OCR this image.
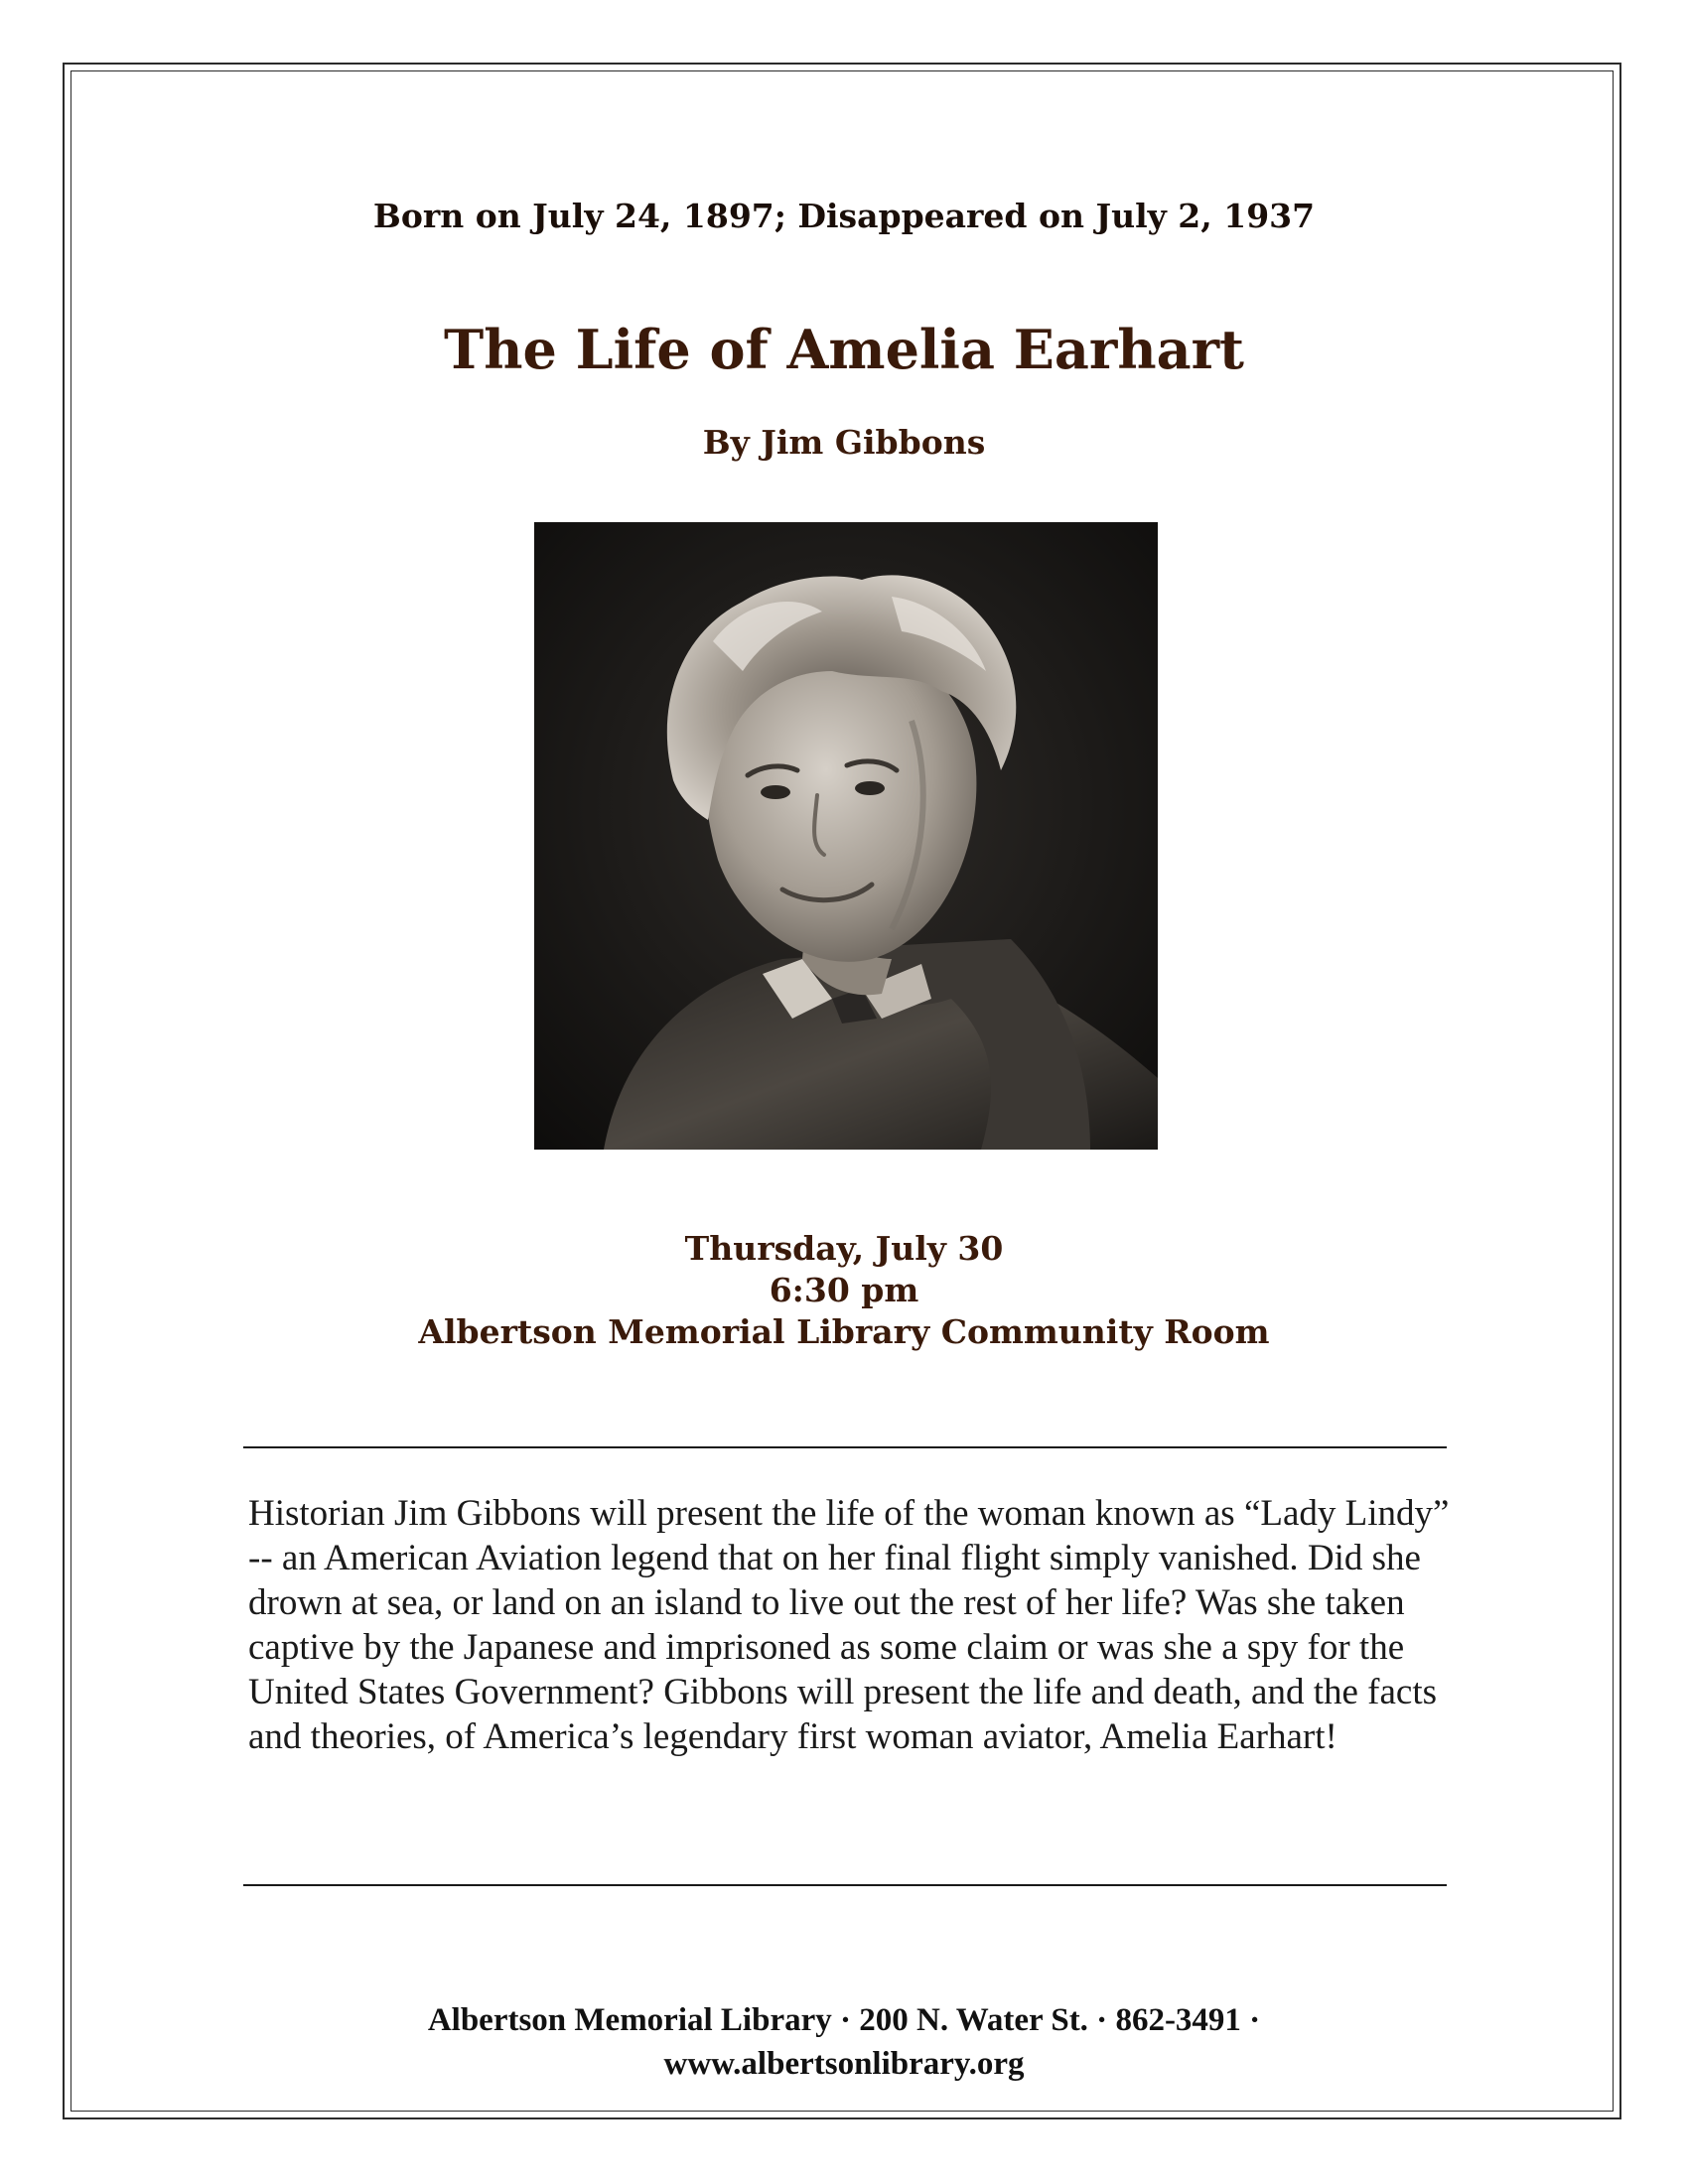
Born on July 24, 1897; Disappeared on July 2, 1937
The Life of Amelia Earhart
By Jim Gibbons
Thursday, July 30
6:30 pm
Albertson Memorial Library Community Room
Historian Jim Gibbons will present the life of the woman known as “Lady Lindy” -- an American Aviation legend that on her final flight simply vanished. Did she drown at sea, or land on an island to live out the rest of her life? Was she taken captive by the Japanese and imprisoned as some claim or was she a spy for the United States Government? Gibbons will present the life and death, and the facts and theories, of America’s legendary first woman aviator, Amelia Earhart!
Albertson Memorial Library · 200 N. Water St. · 862-3491 ·
www.albertsonlibrary.org
